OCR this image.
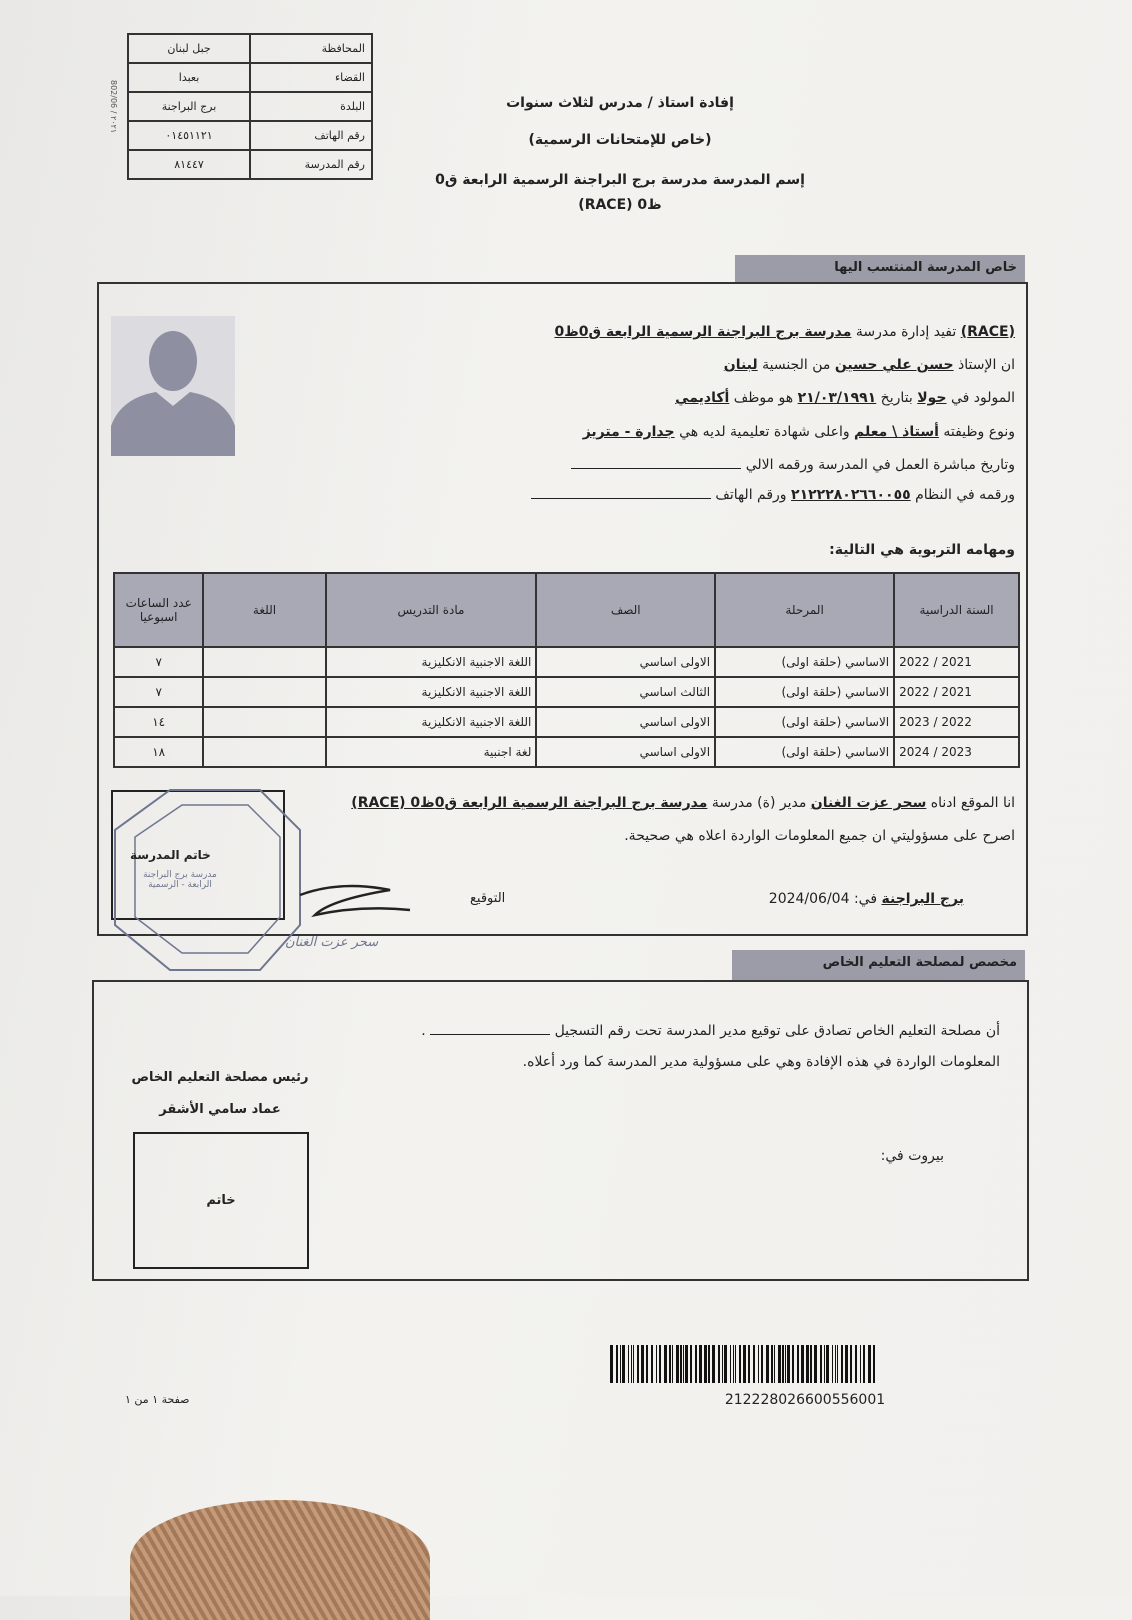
المحافظة	جبل لبنان
القضاء	بعبدا
البلدة	برج البراجنة
رقم الهاتف	٠١٤٥١١٢١
رقم المدرسة	٨١٤٤٧
802/06 / ٢٠٢١
إفادة استاذ / مدرس لثلاث سنوات
(خاص للإمتحانات الرسمية)
إسم المدرسة مدرسة برج البراجنة الرسمية الرابعة ق0
ظ0 (RACE)
خاص المدرسة المنتسب اليها
(RACE) تفيد إدارة مدرسة مدرسة برج البراجنة الرسمية الرابعة ق0ظ0
ان الإستاذ حسن علي حسين من الجنسية لبنان
المولود في حولا بتاريخ ٢١/٠٣/١٩٩١ هو موظف أكاديمي
ونوع وظيفته أستاذ \ معلم واعلى شهادة تعليمية لديه هي جدارة - متريز
وتاريخ مباشرة العمل في المدرسة ورقمه الالي
ورقمه في النظام ٢١٢٢٢٨٠٢٦٦٠٠٥٥ ورقم الهاتف
ومهامه التربوية هي التالية:
السنة الدراسية	المرحلة	الصف	مادة التدريس	اللغة	عدد الساعات اسبوعيا
2022 / 2021	الاساسي (حلقة اولى)	الاولى اساسي	اللغة الاجنبية الانكليزية		٧
2022 / 2021	الاساسي (حلقة اولى)	الثالث اساسي	اللغة الاجنبية الانكليزية		٧
2023 / 2022	الاساسي (حلقة اولى)	الاولى اساسي	اللغة الاجنبية الانكليزية		١٤
2024 / 2023	الاساسي (حلقة اولى)	الاولى اساسي	لغة اجنبية		١٨
انا الموقع ادناه سحر عزت الغنان مدير (ة) مدرسة مدرسة برج البراجنة الرسمية الرابعة ق0ظ0 (RACE)
اصرح على مسؤوليتي ان جميع المعلومات الواردة اعلاه هي صحيحة.
برج البراجنة في: 2024/06/04
التوقيع
خاتم المدرسة
مدرسة برج البراجنة الرابعة - الرسمية
سحر عزت الغنان
مخصص لمصلحة التعليم الخاص
أن مصلحة التعليم الخاص تصادق على توقيع مدير المدرسة تحت رقم التسجيل  .
المعلومات الواردة في هذه الإفادة وهي على مسؤولية مدير المدرسة كما ورد أعلاه.
رئيس مصلحة التعليم الخاص
عماد سامي الأشقر
خاتم
بيروت في:
21222802660055600​1
صفحة ١ من ١
